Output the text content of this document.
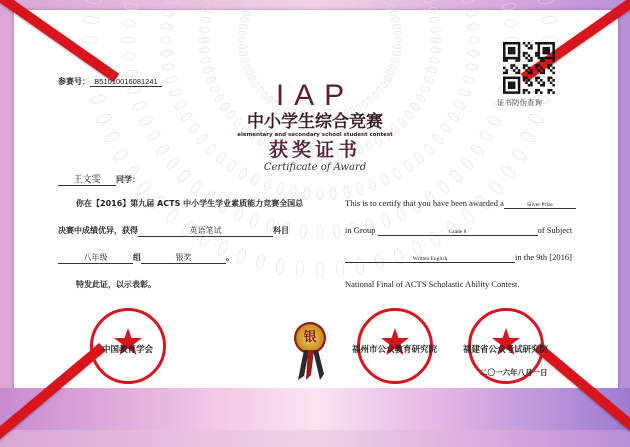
参赛号： B51010016081241
证书防伪查询
IAP
中小学生综合竞赛
elementary and secondary school student contest
获奖证书
Certificate of Award
王文雯 同学：
你在【2016】第九届 ACTS 中小学生学业素质能力竞赛全国总
决赛中成绩优异，获得	英语笔试	科目
八年级	组	银奖	。
特发此证，以示表彰。
This is to certify that you have been awarded a	Silver Prize
in Group	Grade 8	of Subject
Written English	in the 9th [2016]
National Final of ACTS Scholastic Ability Contest.
中国教育学会
银
福州市公众教育研究院	福建省公众考试研究院
二〇一六年八月一日
